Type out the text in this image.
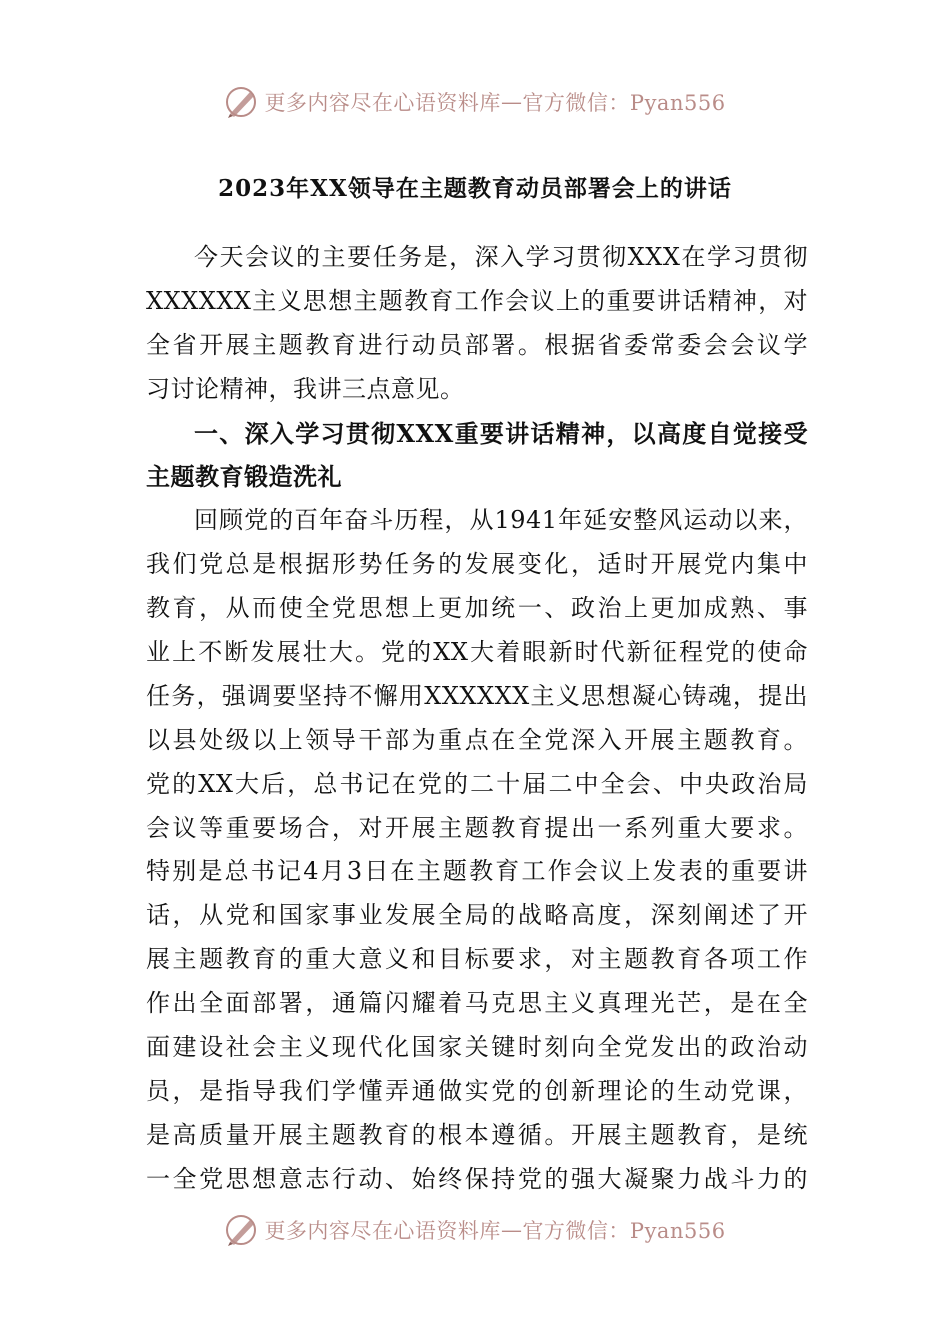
更多内容尽在心语资料库 — 官方微信：Pyan556
2023年XX领导在主题教育动员部署会上的讲话
今天会议的主要任务是，深入学习贯彻XXX在学习贯彻
XXXXXX主义思想主题教育工作会议上的重要讲话精神，对
全省开展主题教育进行动员部署。根据省委常委会会议学
习讨论精神，我讲三点意见。
一、深入学习贯彻XXX重要讲话精神，以高度自觉接受
主题教育锻造洗礼
回顾党的百年奋斗历程，从1941年延安整风运动以来，
我们党总是根据形势任务的发展变化，适时开展党内集中
教育，从而使全党思想上更加统一、政治上更加成熟、事
业上不断发展壮大。党的XX大着眼新时代新征程党的使命
任务，强调要坚持不懈用XXXXXX主义思想凝心铸魂，提出
以县处级以上领导干部为重点在全党深入开展主题教育。
党的XX大后，总书记在党的二十届二中全会、中央政治局
会议等重要场合，对开展主题教育提出一系列重大要求。
特别是总书记4月3日在主题教育工作会议上发表的重要讲
话，从党和国家事业发展全局的战略高度，深刻阐述了开
展主题教育的重大意义和目标要求，对主题教育各项工作
作出全面部署，通篇闪耀着马克思主义真理光芒，是在全
面建设社会主义现代化国家关键时刻向全党发出的政治动
员，是指导我们学懂弄通做实党的创新理论的生动党课，
是高质量开展主题教育的根本遵循。开展主题教育，是统
一全党思想意志行动、始终保持党的强大凝聚力战斗力的
更多内容尽在心语资料库 — 官方微信：Pyan556
